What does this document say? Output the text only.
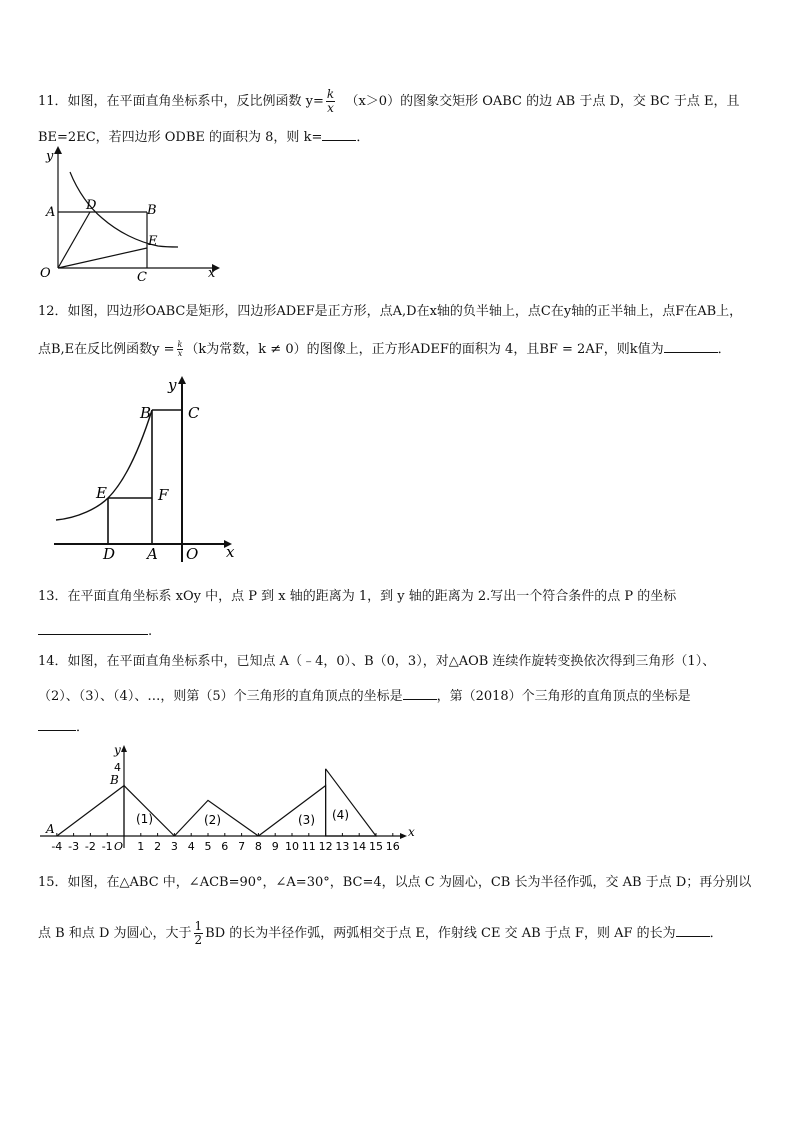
11．如图，在平面直角坐标系中，反比例函数 $y= \frac{k}{x} (x>0)$的图象交矩形 OABC 的边 AB 于点 D，交 BC 于点 E，且
BE=2EC，若四边形 ODBE 的面积为 8，则 k=	．
y
x
A D	B
E
O	C
12．如图，四边形OABC是矩形，四边形ADEF是正方形，点A,D在x轴的负半轴上，点C在y轴的正半轴上，点F在AB上，
点B,E在反比例函数$y = \frac{k}{x} (k$为常数，k ≠ 0）的图像上，正方形ADEF的面积为 4，且BF = 2AF，则k值为	．
B C
y
E	F
D A O x
13．在平面直角坐标系 xOy 中，点 P 到 x 轴的距离为 1，到 y 轴的距离为 2.写出一个符合条件的点 P 的坐标
.
14．如图，在平面直角坐标系中，已知点 A（﹣4，0）、B（0，3），对△AOB 连续作旋转变换依次得到三角形（1）、
（2）、（3）、（4）、…，则第（5）个三角形的直角顶点的坐标是	，第（2018）个三角形的直角顶点的坐标是
．
-4 -3 -2 -1 1 2 3 4 5 6 7 8 9 10 11 12 13 14 15 16
y
x
4
B
A
O
(1)	(2)	(3) (4)
15．如图，在△ABC 中，∠ACB=90°，∠A=30°，BC=4，以点 C 为圆心，CB 长为半径作弧，交 AB 于点 D；再分别以
点 B 和点 D 为圆心，大于 $\frac{1}{2}$ BD 的长为半径作弧，两弧相交于点 E，作射线 CE 交 AB 于点 F，则 AF 的长为	．
